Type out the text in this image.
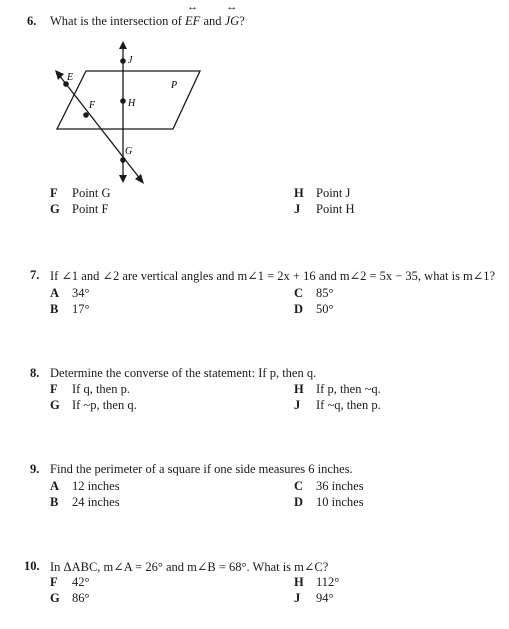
6. What is the intersection of ↔ EF and ↔ JG?
E
F
P
J
H
G
F Point G
G Point F
H Point J
J Point H
7. If ∠1 and ∠2 are vertical angles and m∠1 = 2x + 16 and m∠2 = 5x − 35, what is m∠1?
A 34°
B 17°
C 85°
D 50°
8. Determine the converse of the statement: If p, then q.
F If q, then p.
G If ~p, then q.
H If p, then ~q.
J If ~q, then p.
9. Find the perimeter of a square if one side measures 6 inches.
A 12 inches
B 24 inches
C 36 inches
D 10 inches
10. In ΔABC, m∠A = 26° and m∠B = 68°. What is m∠C?
F 42°
G 86°
H 112°
J 94°
